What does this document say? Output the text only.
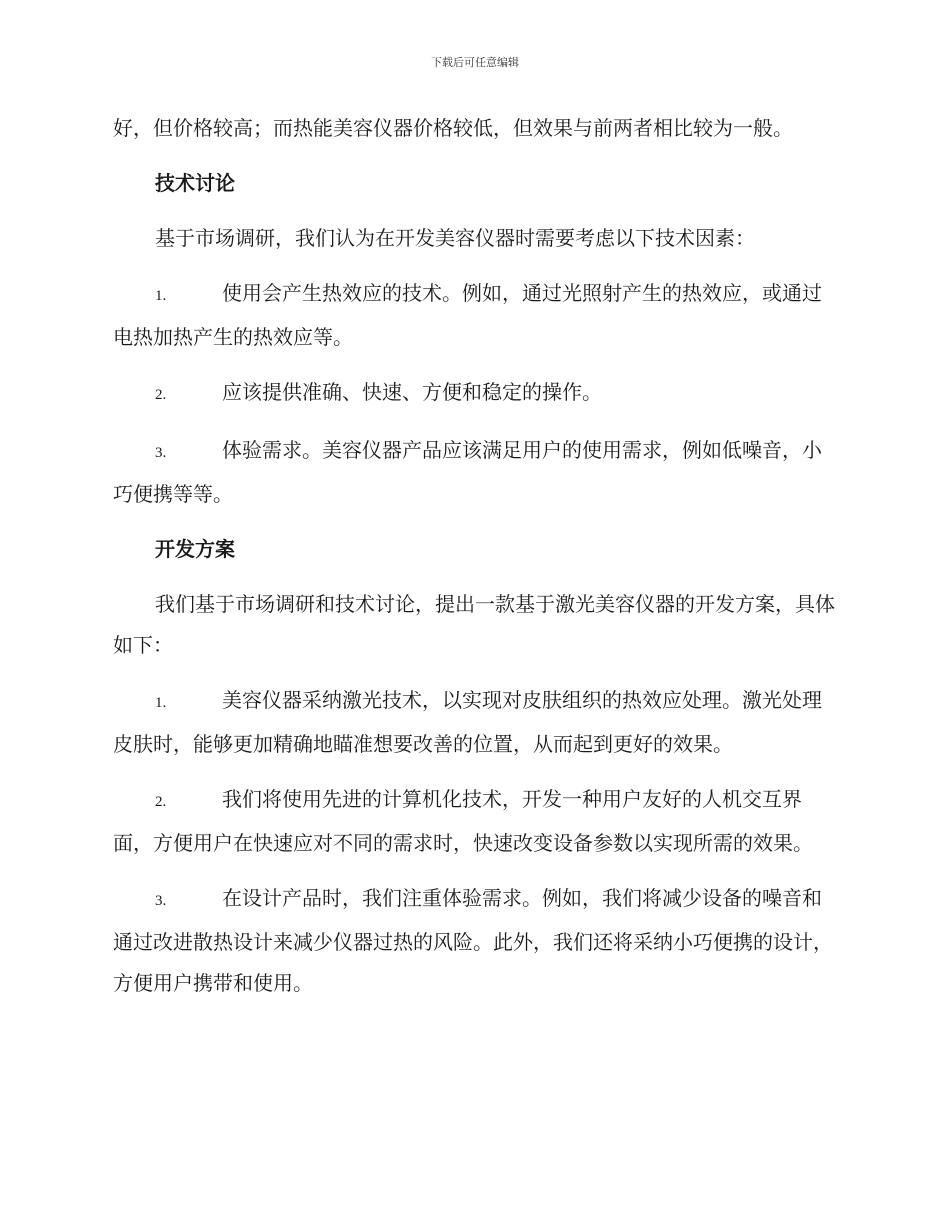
下载后可任意编辑

好，但价格较高；而热能美容仪器价格较低，但效果与前两者相比较为一般。

技术讨论

基于市场调研，我们认为在开发美容仪器时需要考虑以下技术因素：

1.	使用会产生热效应的技术。例如，通过光照射产生的热效应，或通过电热加热产生的热效应等。
2.	应该提供准确、快速、方便和稳定的操作。
3.	体验需求。美容仪器产品应该满足用户的使用需求，例如低噪音，小巧便携等等。
开发方案

我们基于市场调研和技术讨论，提出一款基于激光美容仪器的开发方案，具体如下：

1.	美容仪器采纳激光技术，以实现对皮肤组织的热效应处理。激光处理皮肤时，能够更加精确地瞄准想要改善的位置，从而起到更好的效果。
2.	我们将使用先进的计算机化技术，开发一种用户友好的人机交互界面，方便用户在快速应对不同的需求时，快速改变设备参数以实现所需的效果。
3.	在设计产品时，我们注重体验需求。例如，我们将减少设备的噪音和通过改进散热设计来减少仪器过热的风险。此外，我们还将采纳小巧便携的设计，方便用户携带和使用。
